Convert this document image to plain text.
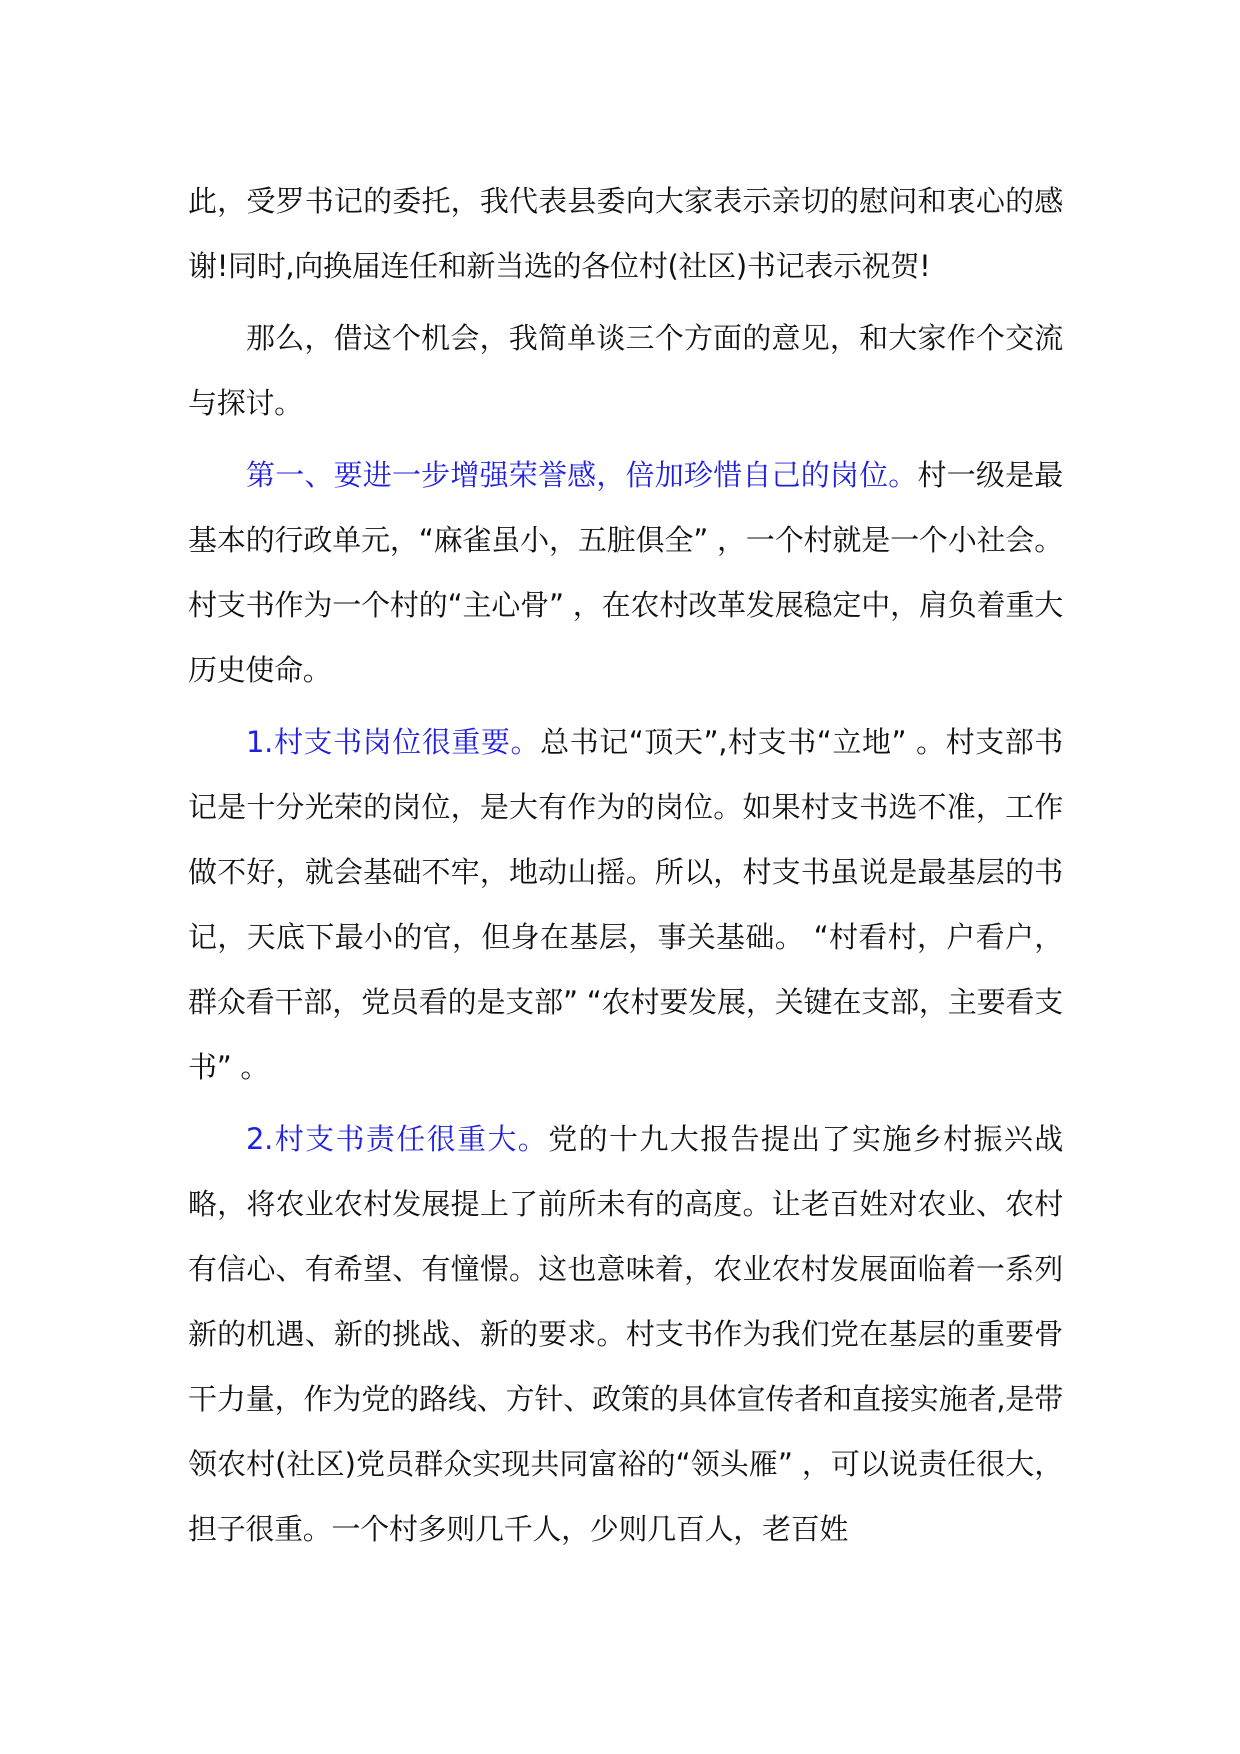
此，受罗书记的委托，我代表县委向大家表示亲切的慰问和衷心的感谢!同时,向换届连任和新当选的各位村(社区)书记表示祝贺!

那么，借这个机会，我简单谈三个方面的意见，和大家作个交流与探讨。

第一、要进一步增强荣誉感，倍加珍惜自己的岗位。村一级是最基本的行政单元，“麻雀虽小，五脏俱全” ，一个村就是一个小社会。村支书作为一个村的“主心骨” ，在农村改革发展稳定中，肩负着重大历史使命。

1.村支书岗位很重要。总书记“顶天”,村支书“立地” 。村支部书记是十分光荣的岗位，是大有作为的岗位。如果村支书选不准，工作做不好，就会基础不牢，地动山摇。所以，村支书虽说是最基层的书记，天底下最小的官，但身在基层，事关基础。 “村看村，户看户，群众看干部，党员看的是支部” “农村要发展，关键在支部，主要看支书” 。

2.村支书责任很重大。党的十九大报告提出了实施乡村振兴战略，将农业农村发展提上了前所未有的高度。让老百姓对农业、农村有信心、有希望、有憧憬。这也意味着，农业农村发展面临着一系列新的机遇、新的挑战、新的要求。村支书作为我们党在基层的重要骨干力量，作为党的路线、方针、政策的具体宣传者和直接实施者,是带领农村(社区)党员群众实现共同富裕的“领头雁” ，可以说责任很大，担子很重。一个村多则几千人，少则几百人，老百姓
